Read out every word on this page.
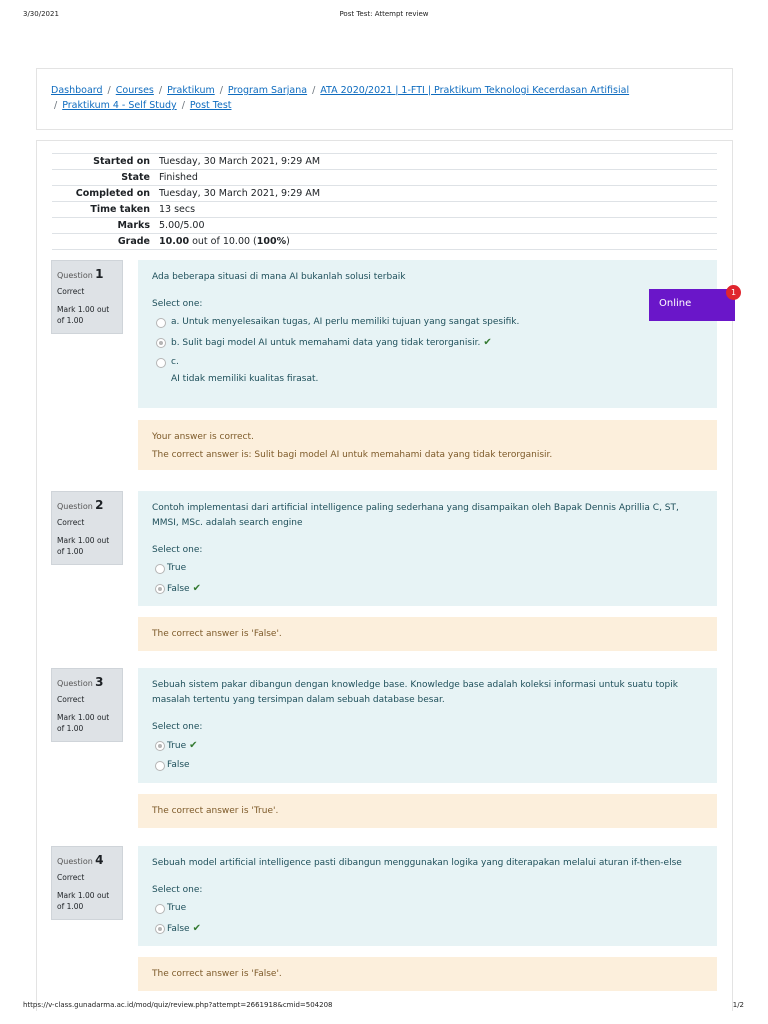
3/30/2021	Post Test: Attempt review
Dashboard / Courses / Praktikum / Program Sarjana / ATA 2020/2021 | 1-FTI | Praktikum Teknologi Kecerdasan Artifisial
/ Praktikum 4 - Self Study / Post Test
Started on	Tuesday, 30 March 2021, 9:29 AM
State	Finished
Completed on	Tuesday, 30 March 2021, 9:29 AM
Time taken	13 secs
Marks	5.00/5.00
Grade	10.00 out of 10.00 (100%)
Question 1
Correct
Mark 1.00 out of 1.00
Ada beberapa situasi di mana AI bukanlah solusi terbaik
Select one:
a. Untuk menyelesaikan tugas, AI perlu memiliki tujuan yang sangat spesifik.
b. Sulit bagi model AI untuk memahami data yang tidak terorganisir. ✔
c.
AI tidak memiliki kualitas firasat.
Your answer is correct.
The correct answer is: Sulit bagi model AI untuk memahami data yang tidak terorganisir.
Question 2
Correct
Mark 1.00 out of 1.00
Contoh implementasi dari artificial intelligence paling sederhana yang disampaikan oleh Bapak Dennis Aprillia C, ST, MMSI, MSc. adalah search engine
Select one:
True
False ✔
The correct answer is 'False'.
Question 3
Correct
Mark 1.00 out of 1.00
Sebuah sistem pakar dibangun dengan knowledge base. Knowledge base adalah koleksi informasi untuk suatu topik masalah tertentu yang tersimpan dalam sebuah database besar.
Select one:
True ✔
False
The correct answer is 'True'.
Question 4
Correct
Mark 1.00 out of 1.00
Sebuah model artificial intelligence pasti dibangun menggunakan logika yang diterapakan melalui aturan if-then-else
Select one:
True
False ✔
The correct answer is 'False'.
Online
1
https://v-class.gunadarma.ac.id/mod/quiz/review.php?attempt=2661918&cmid=504208	1/2
